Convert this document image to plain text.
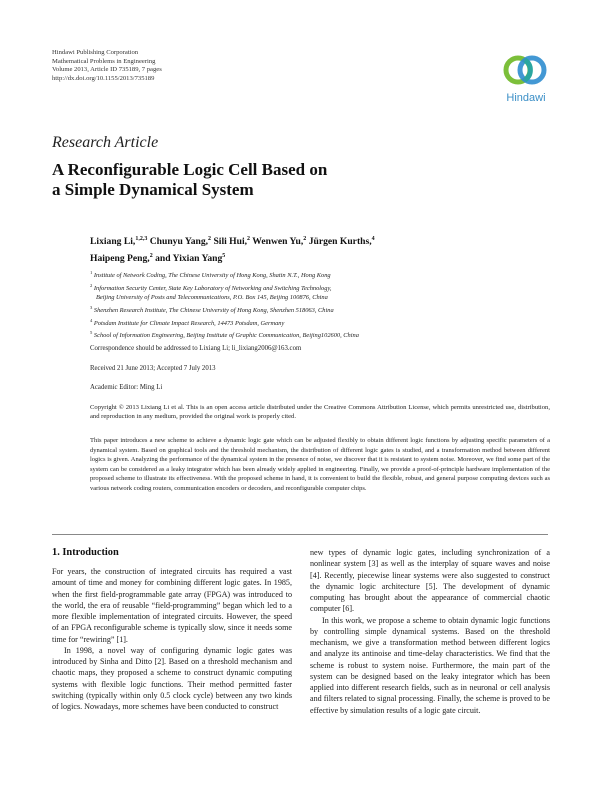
Hindawi Publishing Corporation
Mathematical Problems in Engineering
Volume 2013, Article ID 735189, 7 pages
http://dx.doi.org/10.1155/2013/735189
Hindawi
Research Article
A Reconfigurable Logic Cell Based on
a Simple Dynamical System
Lixiang Li,$^{1,2,3}$ Chunyu Yang,$^2$ Sili Hui,$^2$ Wenwen Yu,$^2$ Jürgen Kurths,$^4$
Haipeng Peng,$^2$ and Yixian Yang$^5$
$^1$ Institute of Network Coding, The Chinese University of Hong Kong, Shatin N.T., Hong Kong
$^2$ Information Security Center, State Key Laboratory of Networking and Switching Technology,
Beijing University of Posts and Telecommunications, P.O. Box 145, Beijing 100876, China
$^3$ Shenzhen Research Institute, The Chinese University of Hong Kong, Shenzhen 518063, China
$^4$ Potsdam Institute for Climate Impact Research, 14473 Potsdam, Germany
$^5$ School of Information Engineering, Beijing Institute of Graphic Communication, Beijing102600, China
Correspondence should be addressed to Lixiang Li; li_lixiang2006@163.com
Received 21 June 2013; Accepted 7 July 2013
Academic Editor: Ming Li
Copyright © 2013 Lixiang Li et al. This is an open access article distributed under the Creative Commons Attribution License, which permits unrestricted use, distribution, and reproduction in any medium, provided the original work is properly cited.
This paper introduces a new scheme to achieve a dynamic logic gate which can be adjusted flexibly to obtain different logic functions by adjusting specific parameters of a dynamical system. Based on graphical tools and the threshold mechanism, the distribution of different logic gates is studied, and a transformation method between different logics is given. Analyzing the performance of the dynamical system in the presence of noise, we discover that it is resistant to system noise. Moreover, we find some part of the system can be considered as a leaky integrator which has been already widely applied in engineering. Finally, we provide a proof-of-principle hardware implementation of the proposed scheme to illustrate its effectiveness. With the proposed scheme in hand, it is convenient to build the flexible, robust, and general purpose computing devices such as various network coding routers, communication encoders or decoders, and reconfigurable computer chips.
1. Introduction

For years, the construction of integrated circuits has required a vast amount of time and money for combining different logic gates. In 1985, when the first field-programmable gate array (FPGA) was introduced to the world, the era of reusable “field-programming” began which led to a more flexible implementation of integrated circuits. However, the speed of an FPGA reconfigurable scheme is typically slow, since it needs some time for “rewiring” [1].

In 1998, a novel way of configuring dynamic logic gates was introduced by Sinha and Ditto [2]. Based on a threshold mechanism and chaotic maps, they proposed a scheme to construct dynamic computing systems with flexible logic functions. Their method permitted faster switching (typically within only 0.5 clock cycle) between any two kinds of logics. Nowadays, more schemes have been conducted to construct

new types of dynamic logic gates, including synchronization of a nonlinear system [3] as well as the interplay of square waves and noise [4]. Recently, piecewise linear systems were also suggested to construct the dynamic logic architecture [5]. The development of dynamic computing has brought about the appearance of commercial chaotic computer [6].

In this work, we propose a scheme to obtain dynamic logic functions by controlling simple dynamical systems. Based on the threshold mechanism, we give a transformation method between different logics and analyze its antinoise and time-delay characteristics. We find that the scheme is robust to system noise. Furthermore, the main part of the system can be designed based on the leaky integrator which has been applied into different research fields, such as in neuronal or cell analysis and filters related to signal processing. Finally, the scheme is proved to be effective by simulation results of a logic gate circuit.
